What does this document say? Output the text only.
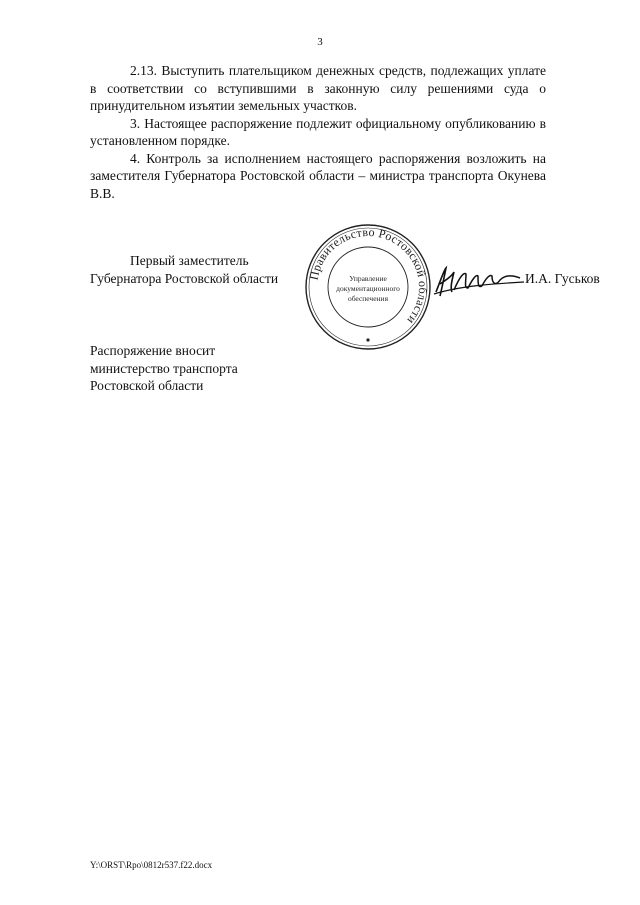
3

2.13. Выступить плательщиком денежных средств, подлежащих уплате в соответствии со вступившими в законную силу решениями суда о принудительном изъятии земельных участков.

3. Настоящее распоряжение подлежит официальному опубликованию в установленном порядке.

4. Контроль за исполнением настоящего распоряжения возложить на заместителя Губернатора Ростовской области – министра транспорта Окунева В.В.

Первый заместитель
Губернатора Ростовской области Правительство Ростовской области
Управление
документационного
обеспечения
И.А. Гуськов
Распоряжение вносит
министерство транспорта
Ростовской области
Y:\ORST\Rpo\0812r537.f22.docx
